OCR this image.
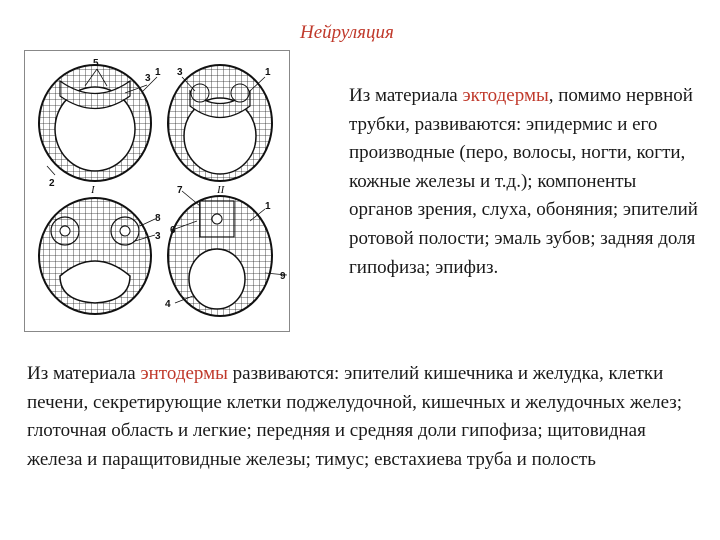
Нейруляция
5
3
1
2
3	1
7
1
8
3
6
9
4
I	II
Из материала эктодермы, помимо нервной трубки, развиваются: эпидермис и его производные (перо, волосы, ногти, когти, кожные железы и т.д.); компоненты органов зрения, слуха, обоняния; эпителий ротовой полости; эмаль зубов; задняя доля гипофиза; эпифиз.
Из материала энтодермы развиваются: эпителий кишечника и желудка, клетки печени, секретирующие клетки поджелудочной, кишечных и желудочных желез; глоточная область и легкие; передняя и средняя доли гипофиза; щитовидная железа и паращитовидные железы; тимус; евстахиева труба и полость
